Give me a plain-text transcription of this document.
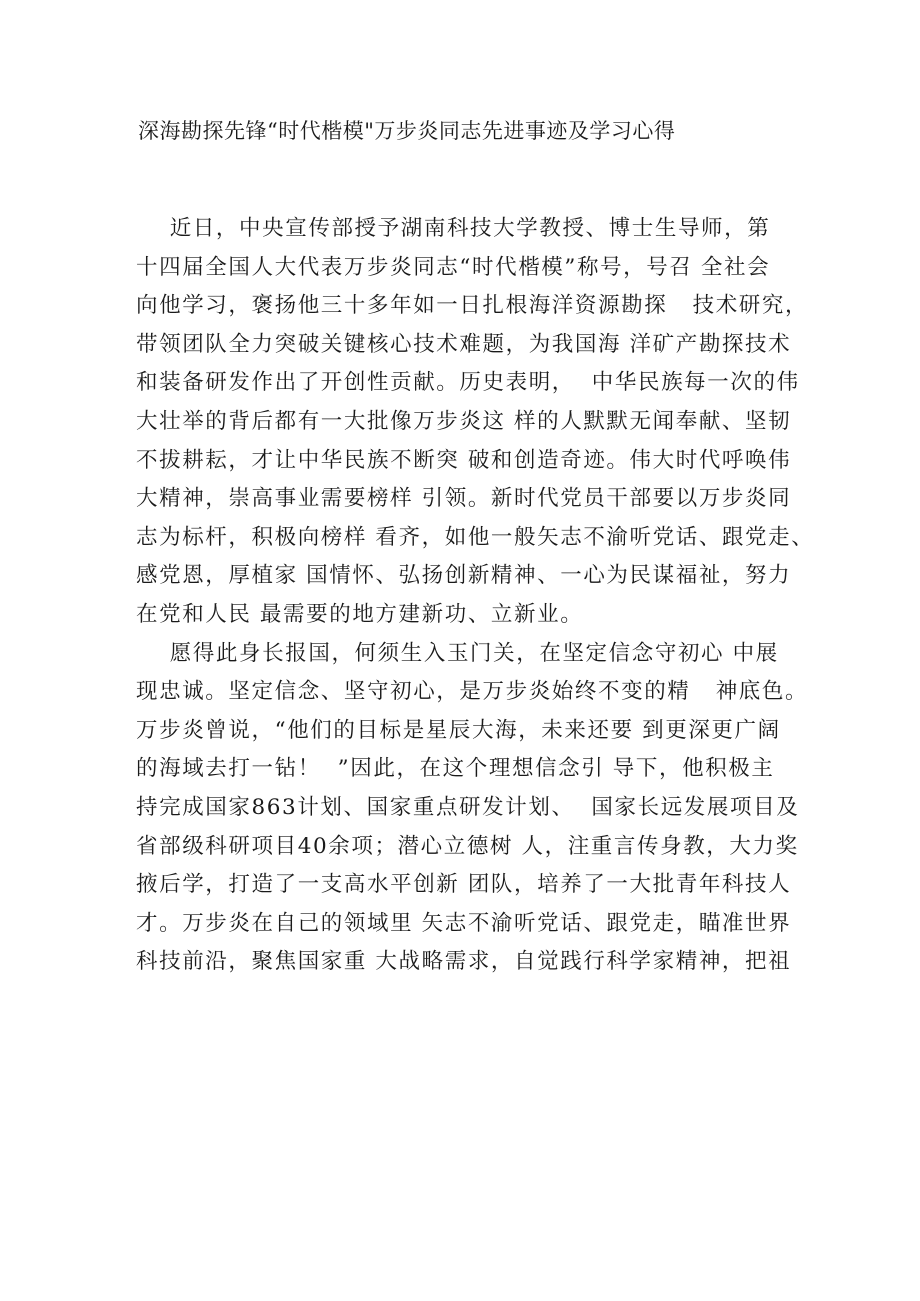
深海勘探先锋“时代楷模"万步炎同志先进事迹及学习心得

近日，中央宣传部授予湖南科技大学教授、博士生导师，第
十四届全国人大代表万步炎同志“时代楷模”称号，号召 全社会
向他学习，褒扬他三十多年如一日扎根海洋资源勘探   技术研究，
带领团队全力突破关键核心技术难题，为我国海 洋矿产勘探技术
和装备研发作出了开创性贡献。历史表明，  中华民族每一次的伟
大壮举的背后都有一大批像万步炎这 样的人默默无闻奉献、坚韧
不拔耕耘，才让中华民族不断突 破和创造奇迹。伟大时代呼唤伟
大精神，崇高事业需要榜样 引领。新时代党员干部要以万步炎同
志为标杆，积极向榜样 看齐，如他一般矢志不渝听党话、跟党走、
感党恩，厚植家 国情怀、弘扬创新精神、一心为民谋福祉，努力
在党和人民 最需要的地方建新功、立新业。

愿得此身长报国，何须生入玉门关，在坚定信念守初心 中展
现忠诚。坚定信念、坚守初心，是万步炎始终不变的精   神底色。
万步炎曾说，“他们的目标是星辰大海，未来还要 到更深更广阔
的海域去打一钻！  ”因此，在这个理想信念引 导下，他积极主
持完成国家863计划、国家重点研发计划、  国家长远发展项目及
省部级科研项目40余项；潜心立德树 人，注重言传身教，大力奖
掖后学，打造了一支高水平创新 团队，培养了一大批青年科技人
才。万步炎在自己的领域里 矢志不渝听党话、跟党走，瞄准世界
科技前沿，聚焦国家重 大战略需求，自觉践行科学家精神，把祖
